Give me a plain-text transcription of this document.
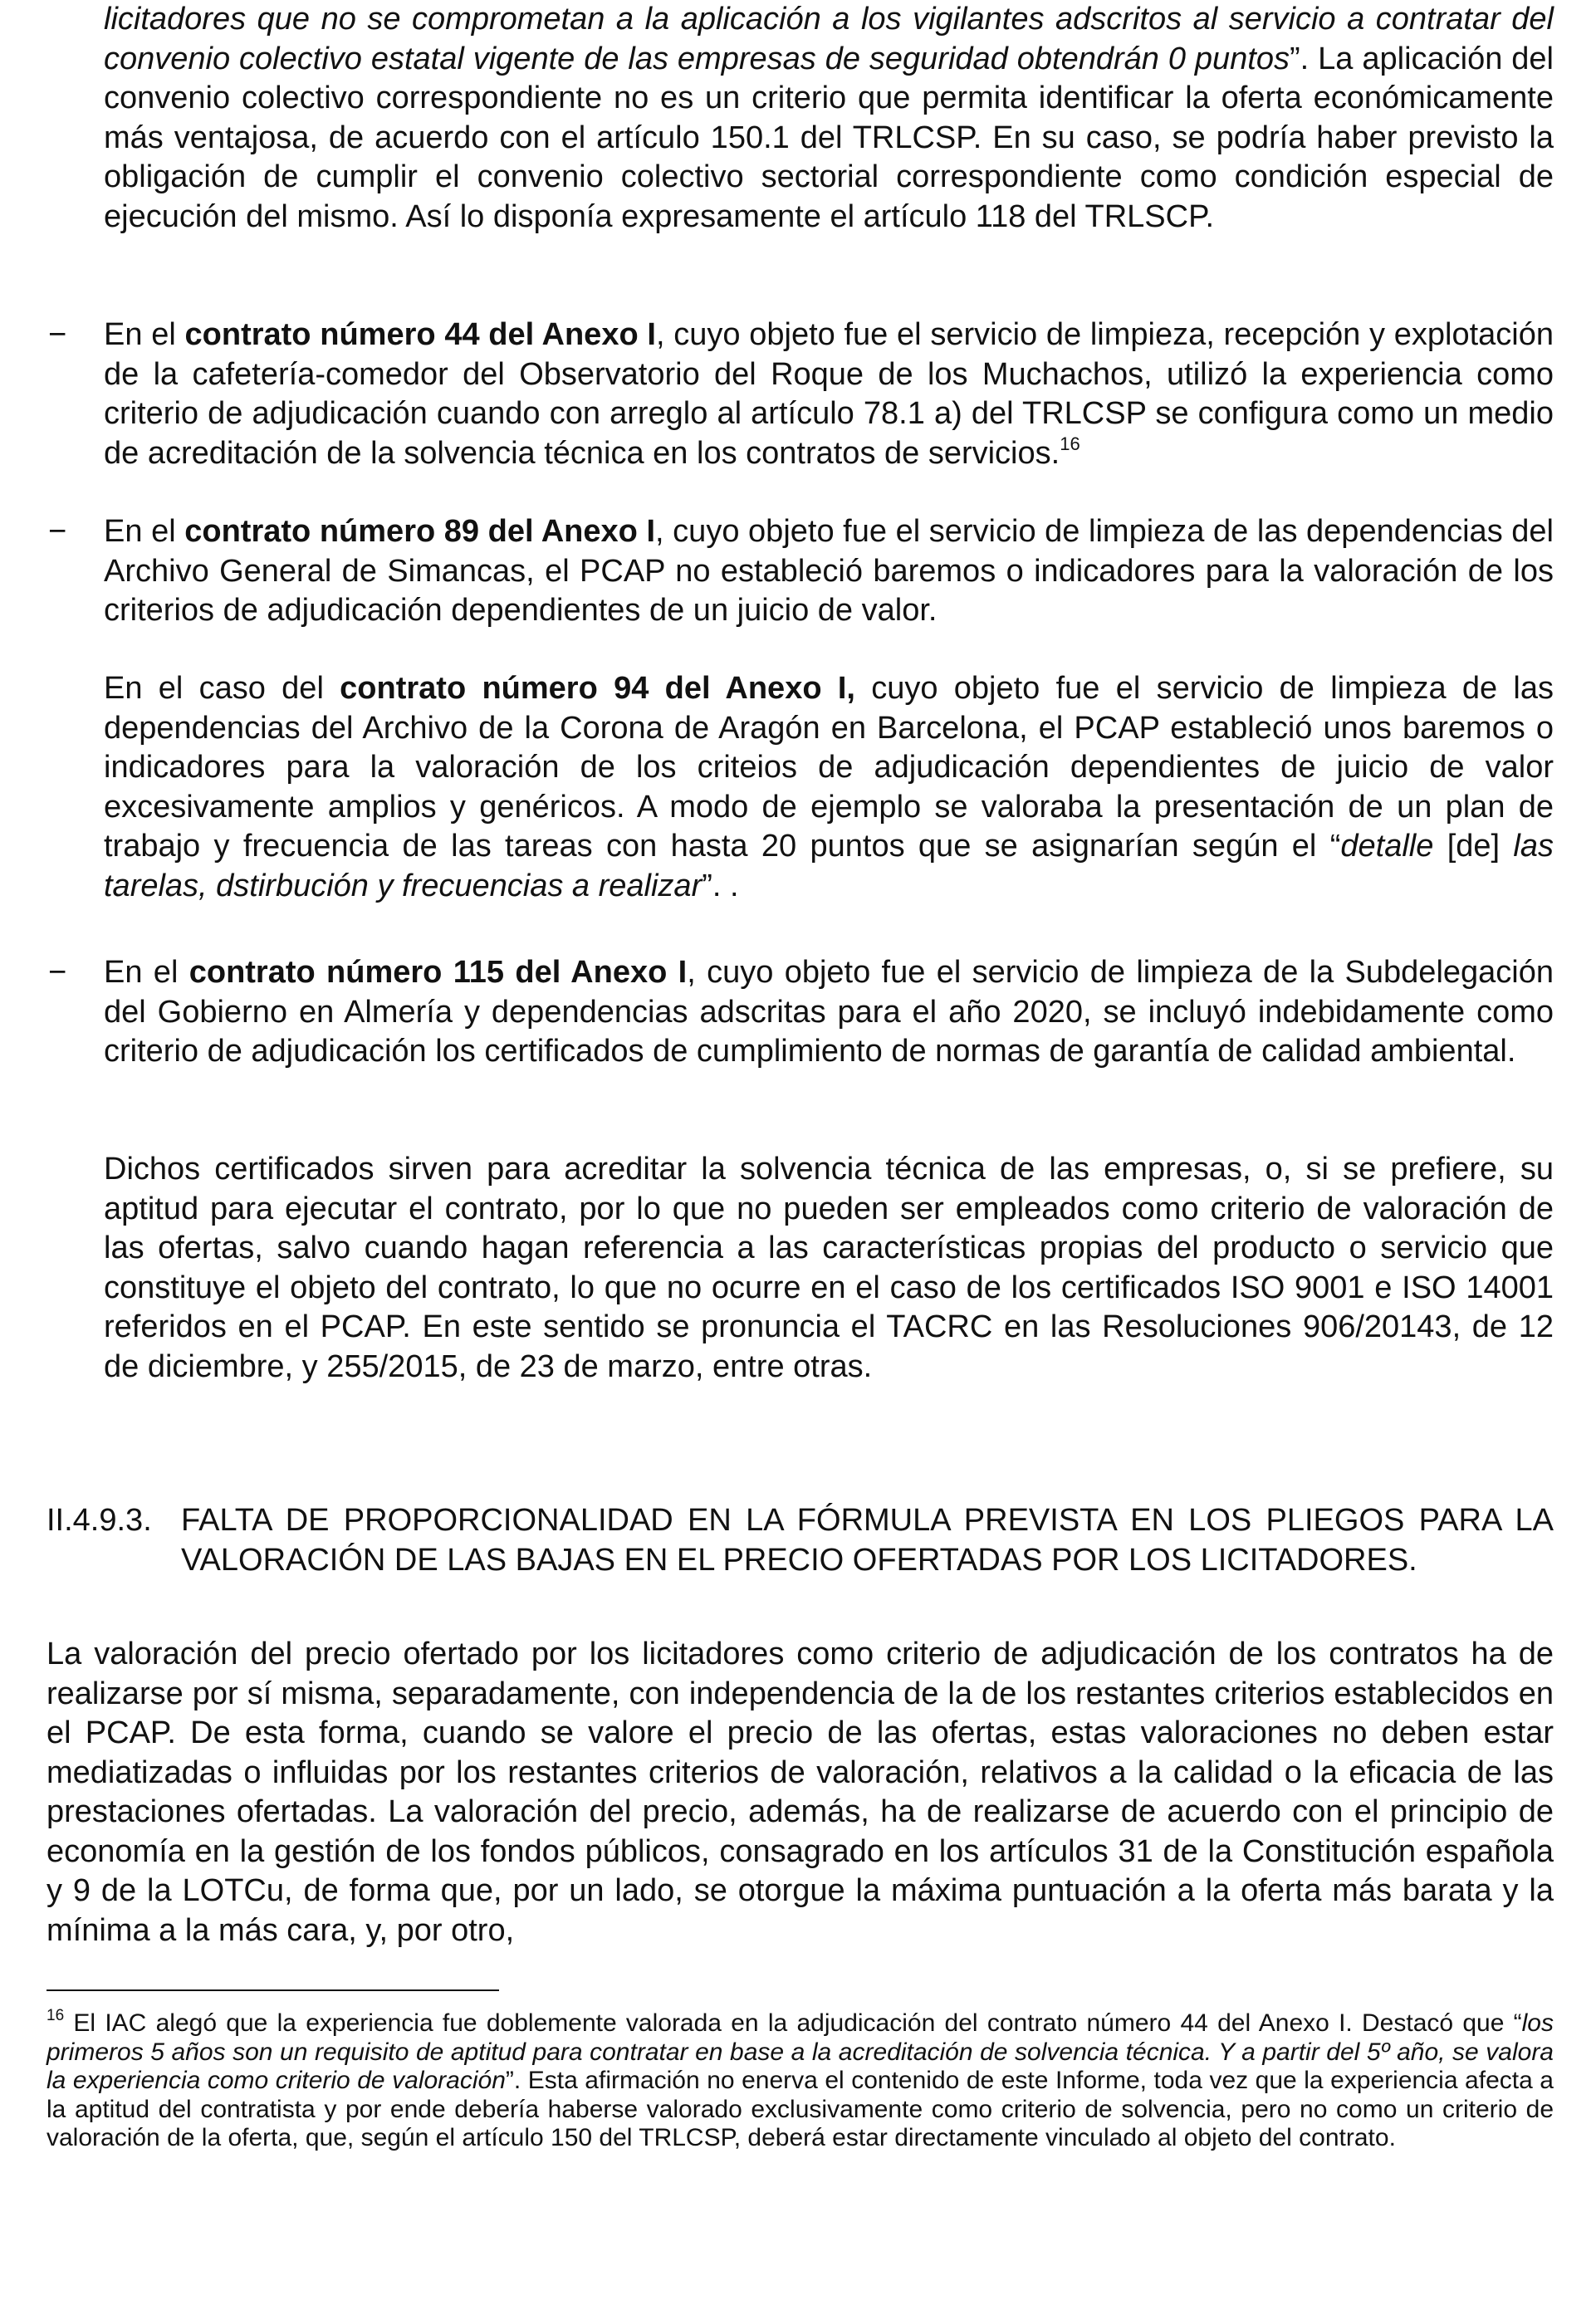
licitadores que no se comprometan a la aplicación a los vigilantes adscritos al servicio a contratar del convenio colectivo estatal vigente de las empresas de seguridad obtendrán 0 puntos”. La aplicación del convenio colectivo correspondiente no es un criterio que permita identificar la oferta económicamente más ventajosa, de acuerdo con el artículo 150.1 del TRLCSP. En su caso, se podría haber previsto la obligación de cumplir el convenio colectivo sectorial correspondiente como condición especial de ejecución del mismo. Así lo disponía expresamente el artículo 118 del TRLSCP.

− En el contrato número 44 del Anexo I, cuyo objeto fue el servicio de limpieza, recepción y explotación de la cafetería-comedor del Observatorio del Roque de los Muchachos, utilizó la experiencia como criterio de adjudicación cuando con arreglo al artículo 78.1 a) del TRLCSP se configura como un medio de acreditación de la solvencia técnica en los contratos de servicios.$^{16}$

− En el contrato número 89 del Anexo I, cuyo objeto fue el servicio de limpieza de las dependencias del Archivo General de Simancas, el PCAP no estableció baremos o indicadores para la valoración de los criterios de adjudicación dependientes de un juicio de valor.

En el caso del contrato número 94 del Anexo I, cuyo objeto fue el servicio de limpieza de las dependencias del Archivo de la Corona de Aragón en Barcelona, el PCAP estableció unos baremos o indicadores para la valoración de los criteios de adjudicación dependientes de juicio de valor excesivamente amplios y genéricos. A modo de ejemplo se valoraba la presentación de un plan de trabajo y frecuencia de las tareas con hasta 20 puntos que se asignarían según el “detalle [de] las tarelas, dstirbución y frecuencias a realizar”. .

− En el contrato número 115 del Anexo I, cuyo objeto fue el servicio de limpieza de la Subdelegación del Gobierno en Almería y dependencias adscritas para el año 2020, se incluyó indebidamente como criterio de adjudicación los certificados de cumplimiento de normas de garantía de calidad ambiental.

Dichos certificados sirven para acreditar la solvencia técnica de las empresas, o, si se prefiere, su aptitud para ejecutar el contrato, por lo que no pueden ser empleados como criterio de valoración de las ofertas, salvo cuando hagan referencia a las características propias del producto o servicio que constituye el objeto del contrato, lo que no ocurre en el caso de los certificados ISO 9001 e ISO 14001 referidos en el PCAP. En este sentido se pronuncia el TACRC en las Resoluciones 906/20143, de 12 de diciembre, y 255/2015, de 23 de marzo, entre otras.

II.4.9.3. FALTA DE PROPORCIONALIDAD EN LA FÓRMULA PREVISTA EN LOS PLIEGOS PARA LA VALORACIÓN DE LAS BAJAS EN EL PRECIO OFERTADAS POR LOS LICITADORES.

La valoración del precio ofertado por los licitadores como criterio de adjudicación de los contratos ha de realizarse por sí misma, separadamente, con independencia de la de los restantes criterios establecidos en el PCAP. De esta forma, cuando se valore el precio de las ofertas, estas valoraciones no deben estar mediatizadas o influidas por los restantes criterios de valoración, relativos a la calidad o la eficacia de las prestaciones ofertadas. La valoración del precio, además, ha de realizarse de acuerdo con el principio de economía en la gestión de los fondos públicos, consagrado en los artículos 31 de la Constitución española y 9 de la LOTCu, de forma que, por un lado, se otorgue la máxima puntuación a la oferta más barata y la mínima a la más cara, y, por otro,

$^{16}$ El IAC alegó que la experiencia fue doblemente valorada en la adjudicación del contrato número 44 del Anexo I. Destacó que “los primeros 5 años son un requisito de aptitud para contratar en base a la acreditación de solvencia técnica. Y a partir del 5º año, se valora la experiencia como criterio de valoración”. Esta afirmación no enerva el contenido de este Informe, toda vez que la experiencia afecta a la aptitud del contratista y por ende debería haberse valorado exclusivamente como criterio de solvencia, pero no como un criterio de valoración de la oferta, que, según el artículo 150 del TRLCSP, deberá estar directamente vinculado al objeto del contrato.
